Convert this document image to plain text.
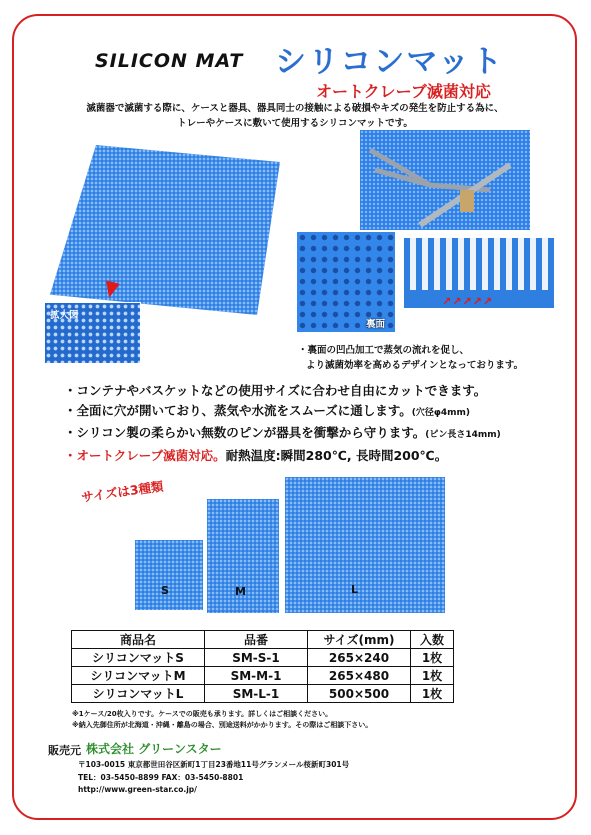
SILICON MAT シリコンマット
オートクレーブ滅菌対応
滅菌器で滅菌する際に、ケースと器具、器具同士の接触による破損やキズの発生を防止する為に、
トレーやケースに敷いて使用するシリコンマットです。
拡大図
裏面
↗↗↗↗↗
・裏面の凹凸加工で蒸気の流れを促し、
より滅菌効率を高めるデザインとなっております。
・コンテナやバスケットなどの使用サイズに合わせ自由にカットできます。
・全面に穴が開いており、蒸気や水流をスムーズに通します。(穴径φ4mm)
・シリコン製の柔らかい無数のピンが器具を衝撃から守ります。(ピン長さ14mm)
・オートクレーブ滅菌対応。耐熱温度:瞬間280℃, 長時間200℃。
サイズは3種類
S	M	L
商品名	品番	サイズ(mm)	入数
シリコンマットS	SM-S-1	265×240	1枚
シリコンマットM	SM-M-1	265×480	1枚
シリコンマットL	SM-L-1	500×500	1枚
※1ケース/20枚入りです。ケースでの販売も承ります。詳しくはご相談ください。
※納入先御住所が北海道・沖縄・離島の場合、別途送料がかかります。その際はご相談下さい。
販売元 株式会社 グリーンスター
〒103-0015 東京都世田谷区新町1丁目23番地11号グランメール桜新町301号
TEL：03-5450-8899 FAX：03-5450-8801
http://www.green-star.co.jp/
